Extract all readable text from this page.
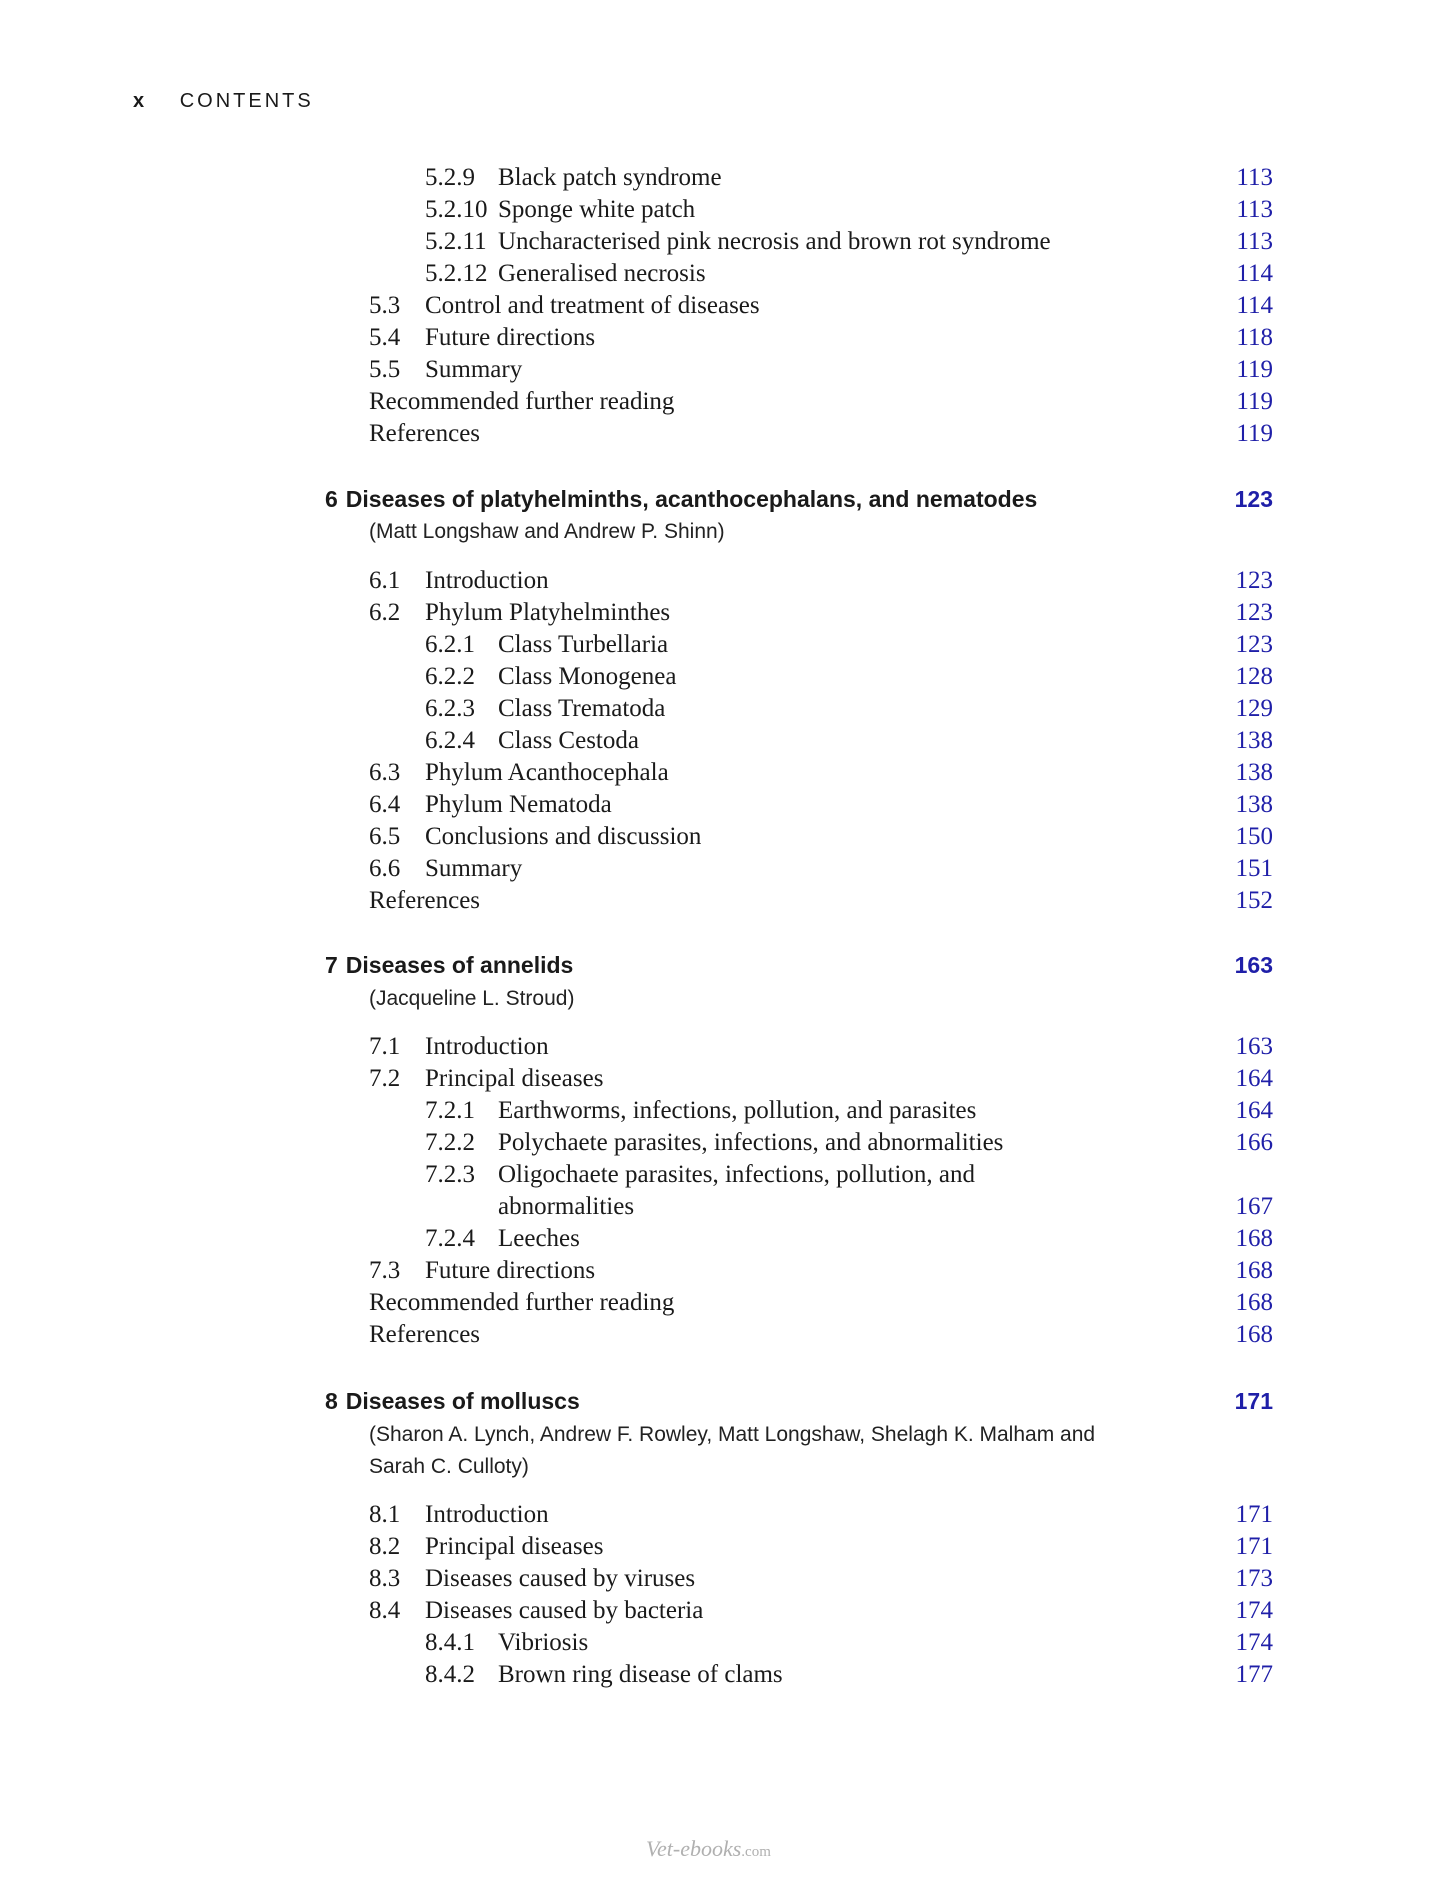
x CONTENTS
5.2.9 Black patch syndrome	113
5.2.10 Sponge white patch	113
5.2.11 Uncharacterised pink necrosis and brown rot syndrome	113
5.2.12 Generalised necrosis	114
5.3 Control and treatment of diseases	114
5.4 Future directions	118
5.5 Summary	119
Recommended further reading	119
References	119
6 Diseases of platyhelminths, acanthocephalans, and nematodes	123
(Matt Longshaw and Andrew P. Shinn)
6.1 Introduction	123
6.2 Phylum Platyhelminthes	123
6.2.1 Class Turbellaria	123
6.2.2 Class Monogenea	128
6.2.3 Class Trematoda	129
6.2.4 Class Cestoda	138
6.3 Phylum Acanthocephala	138
6.4 Phylum Nematoda	138
6.5 Conclusions and discussion	150
6.6 Summary	151
References	152
7 Diseases of annelids	163
(Jacqueline L. Stroud)
7.1 Introduction	163
7.2 Principal diseases	164
7.2.1 Earthworms, infections, pollution, and parasites	164
7.2.2 Polychaete parasites, infections, and abnormalities	166
7.2.3 Oligochaete parasites, infections, pollution, and
abnormalities	167
7.2.4 Leeches	168
7.3 Future directions	168
Recommended further reading	168
References	168
8 Diseases of molluscs	171
(Sharon A. Lynch, Andrew F. Rowley, Matt Longshaw, Shelagh K. Malham and
Sarah C. Culloty)
8.1 Introduction	171
8.2 Principal diseases	171
8.3 Diseases caused by viruses	173
8.4 Diseases caused by bacteria	174
8.4.1 Vibriosis	174
8.4.2 Brown ring disease of clams	177
Vet-ebooks.com
